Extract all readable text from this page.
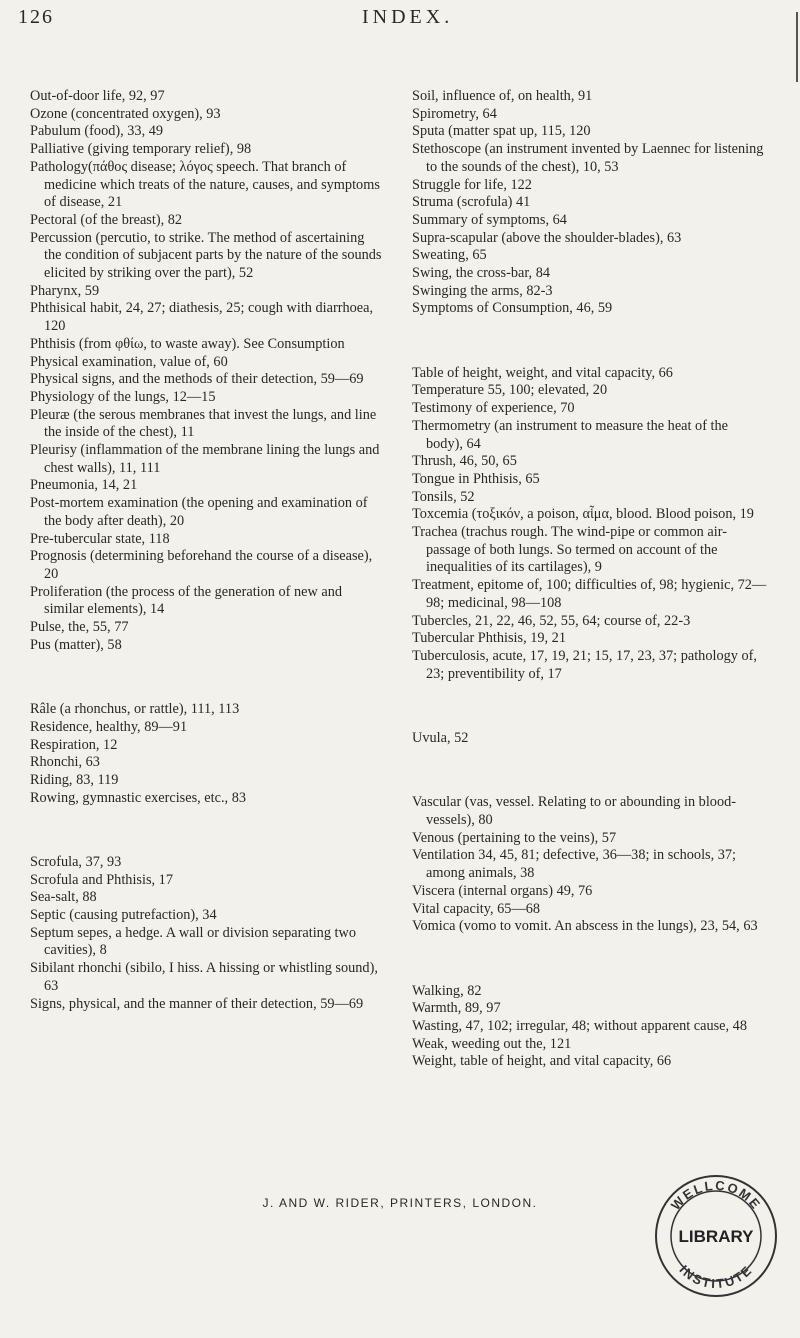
126	INDEX.

Out-of-door life, 92, 97

Ozone (concentrated oxygen), 93

Pabulum (food), 33, 49

Palliative (giving temporary relief), 98

Pathology(πάθος disease; λόγος speech. That branch of medicine which treats of the nature, causes, and symptoms of disease, 21

Pectoral (of the breast), 82

Percussion (percutio, to strike. The method of ascertaining the condition of subjacent parts by the nature of the sounds elicited by striking over the part), 52

Pharynx, 59

Phthisical habit, 24, 27; diathesis, 25; cough with diarrhoea, 120

Phthisis (from φθίω, to waste away). See Consumption

Physical examination, value of, 60

Physical signs, and the methods of their detection, 59—69

Physiology of the lungs, 12—15

Pleuræ (the serous membranes that invest the lungs, and line the inside of the chest), 11

Pleurisy (inflammation of the membrane lining the lungs and chest walls), 11, 111

Pneumonia, 14, 21

Post-mortem examination (the opening and examination of the body after death), 20

Pre-tubercular state, 118

Prognosis (determining beforehand the course of a disease), 20

Proliferation (the process of the generation of new and similar elements), 14

Pulse, the, 55, 77

Pus (matter), 58

Râle (a rhonchus, or rattle), 111, 113

Residence, healthy, 89—91

Respiration, 12

Rhonchi, 63

Riding, 83, 119

Rowing, gymnastic exercises, etc., 83

Scrofula, 37, 93

Scrofula and Phthisis, 17

Sea-salt, 88

Septic (causing putrefaction), 34

Septum sepes, a hedge. A wall or division separating two cavities), 8

Sibilant rhonchi (sibilo, I hiss. A hissing or whistling sound), 63

Signs, physical, and the manner of their detection, 59—69

Soil, influence of, on health, 91

Spirometry, 64

Sputa (matter spat up, 115, 120

Stethoscope (an instrument invented by Laennec for listening to the sounds of the chest), 10, 53

Struggle for life, 122

Struma (scrofula) 41

Summary of symptoms, 64

Supra-scapular (above the shoulder-blades), 63

Sweating, 65

Swing, the cross-bar, 84

Swinging the arms, 82-3

Symptoms of Consumption, 46, 59

Table of height, weight, and vital capacity, 66

Temperature 55, 100; elevated, 20

Testimony of experience, 70

Thermometry (an instrument to measure the heat of the body), 64

Thrush, 46, 50, 65

Tongue in Phthisis, 65

Tonsils, 52

Toxcemia (τοξικόν, a poison, αἷμα, blood. Blood poison, 19

Trachea (trachus rough. The wind-pipe or common air-passage of both lungs. So termed on account of the inequalities of its cartilages), 9

Treatment, epitome of, 100; difficulties of, 98; hygienic, 72—98; medicinal, 98—108

Tubercles, 21, 22, 46, 52, 55, 64; course of, 22-3

Tubercular Phthisis, 19, 21

Tuberculosis, acute, 17, 19, 21; 15, 17, 23, 37; pathology of, 23; preventibility of, 17

Uvula, 52

Vascular (vas, vessel. Relating to or abounding in blood-vessels), 80

Venous (pertaining to the veins), 57

Ventilation 34, 45, 81; defective, 36—38; in schools, 37; among animals, 38

Viscera (internal organs) 49, 76

Vital capacity, 65—68

Vomica (vomo to vomit. An abscess in the lungs), 23, 54, 63

Walking, 82

Warmth, 89, 97

Wasting, 47, 102; irregular, 48; without apparent cause, 48

Weak, weeding out the, 121

Weight, table of height, and vital capacity, 66

J. AND W. RIDER, PRINTERS, LONDON.	WELLCOME
LIBRARY
INSTITUTE
